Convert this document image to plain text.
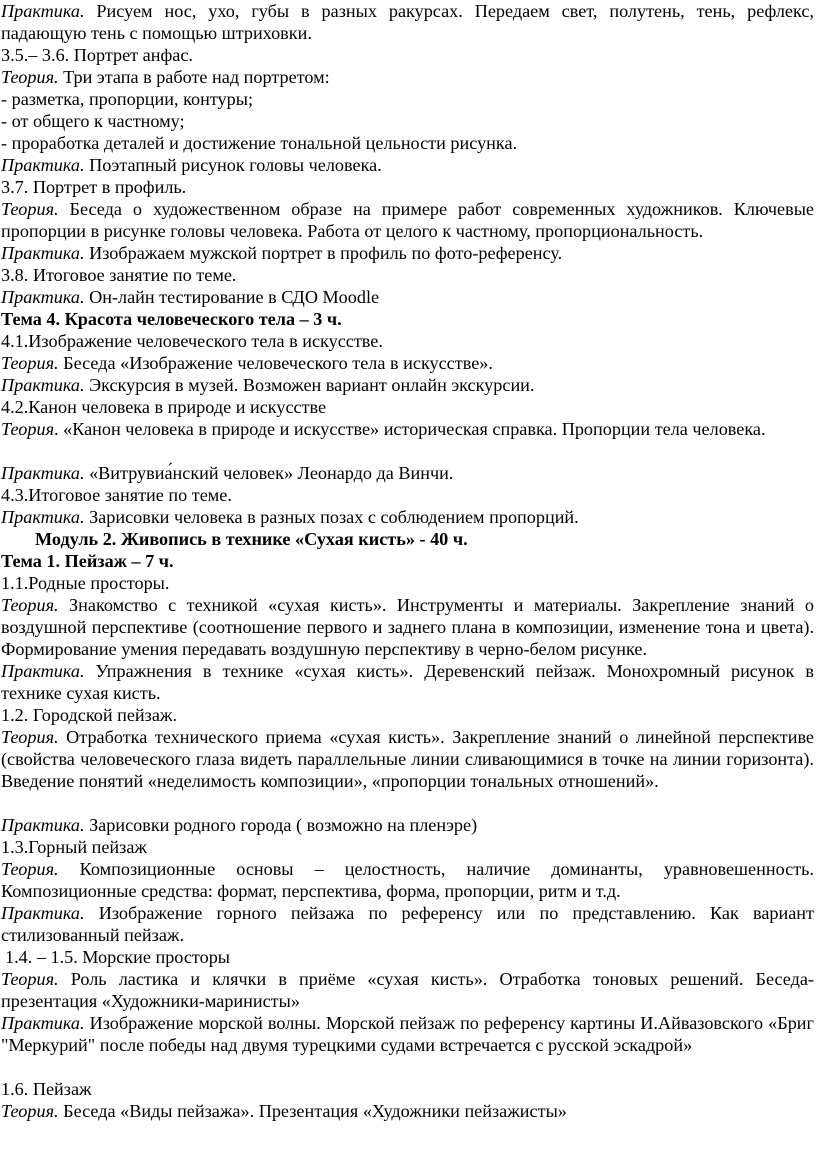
Практика. Рисуем нос, ухо, губы в разных ракурсах. Передаем свет, полутень, тень, рефлекс, падающую тень с помощью штриховки.
3.5.– 3.6. Портрет анфас.
Теория. Три этапа в работе над портретом:
- разметка, пропорции, контуры;
- от общего к частному;
- проработка деталей и достижение тональной цельности рисунка.
Практика. Поэтапный рисунок головы человека.
3.7. Портрет в профиль.
Теория. Беседа о художественном образе на примере работ современных художников. Ключевые пропорции в рисунке головы человека. Работа от целого к частному, пропорциональность.
Практика. Изображаем мужской портрет в профиль по фото-референсу.
3.8. Итоговое занятие по теме.
Практика. Он-лайн тестирование в СДО Moodle
Тема 4. Красота человеческого тела – 3 ч.
4.1.Изображение человеческого тела в искусстве.
Теория. Беседа «Изображение человеческого тела в искусстве».
Практика. Экскурсия в музей. Возможен вариант онлайн экскурсии.
4.2.Канон человека в природе и искусстве
Теория. «Канон человека в природе и искусстве» историческая справка. Пропорции тела человека.
Практика. «Витрувиа́нский человек» Леонардо да Винчи.
4.3.Итоговое занятие по теме.
Практика. Зарисовки человека в разных позах с соблюдением пропорций.
Модуль 2. Живопись в технике «Сухая кисть» - 40 ч.
Тема 1. Пейзаж – 7 ч.
1.1.Родные просторы.
Теория. Знакомство с техникой «сухая кисть». Инструменты и материалы. Закрепление знаний о воздушной перспективе (соотношение первого и заднего плана в композиции, изменение тона и цвета). Формирование умения передавать воздушную перспективу в черно-белом рисунке.
Практика. Упражнения в технике «сухая кисть». Деревенский пейзаж. Монохромный рисунок в технике сухая кисть.
1.2. Городской пейзаж.
Теория. Отработка технического приема «сухая кисть». Закрепление знаний о линейной перспективе (свойства человеческого глаза видеть параллельные линии сливающимися в точке на линии горизонта). Введение понятий «неделимость композиции», «пропорции тональных отношений».
Практика. Зарисовки родного города ( возможно на пленэре)
1.3.Горный пейзаж
Теория. Композиционные основы – целостность, наличие доминанты, уравновешенность. Композиционные средства: формат, перспектива, форма, пропорции, ритм и т.д.
Практика. Изображение горного пейзажа по референсу или по представлению. Как вариант стилизованный пейзаж.
1.4. – 1.5. Морские просторы
Теория. Роль ластика и клячки в приёме «сухая кисть». Отработка тоновых решений. Беседа-презентация «Художники-маринисты»
Практика. Изображение морской волны. Морской пейзаж по референсу картины И.Айвазовского «Бриг "Меркурий" после победы над двумя турецкими судами встречается с русской эскадрой»
1.6. Пейзаж
Теория. Беседа «Виды пейзажа». Презентация «Художники пейзажисты»
